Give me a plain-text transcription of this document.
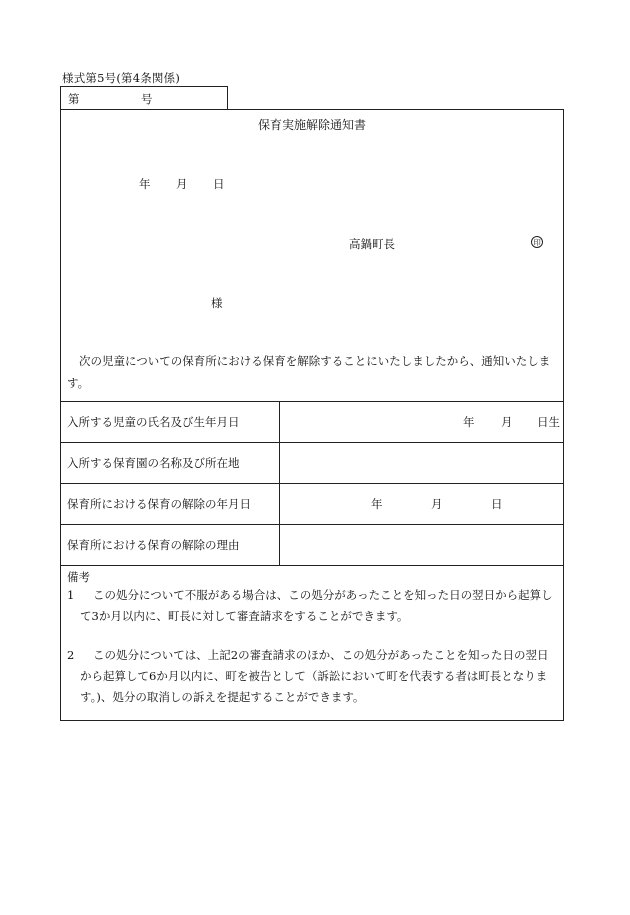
様式第5号(第4条関係)
第	号
保育実施解除通知書
年 月 日
高鍋町長	印
様
次の児童についての保育所における保育を解除することにいたしましたから、通知いたします。
入所する児童の氏名及び生年月日	年 月 日生
入所する保育園の名称及び所在地
保育所における保育の解除の年月日	年	月	日
保育所における保育の解除の理由
備考
1 この処分について不服がある場合は、この処分があったことを知った日の翌日から起算して3か月以内に、町長に対して審査請求をすることができます。
2 この処分については、上記2の審査請求のほか、この処分があったことを知った日の翌日から起算して6か月以内に、町を被告として（訴訟において町を代表する者は町長となります。)、処分の取消しの訴えを提起することができます。
